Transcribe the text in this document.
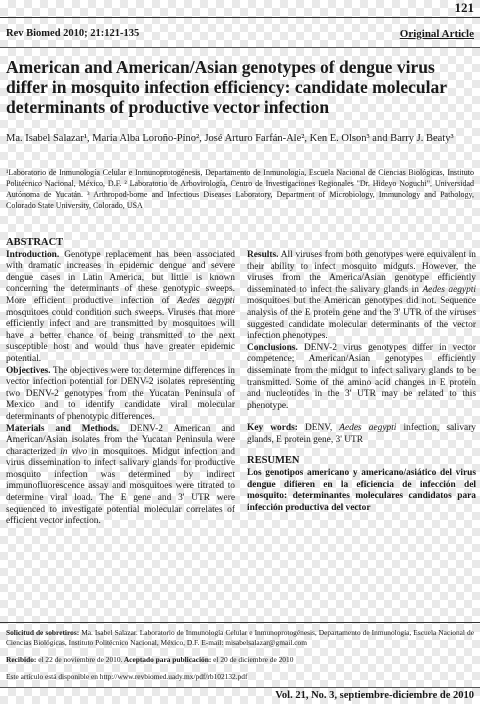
121
Rev Biomed 2010; 21:121-135	Original Article
American and American/Asian genotypes of dengue virus differ in mosquito infection efficiency: candidate molecular determinants of productive vector infection
Ma. Isabel Salazar¹, María Alba Loroño-Pino², José Arturo Farfán-Ale², Ken E. Olson³ and Barry J. Beaty³
¹Laboratorio de Inmunología Celular e Inmunoprotogénesis, Departamento de Inmunología, Escuela Nacional de Ciencias Biológicas, Instituto Politécnico Nacional, México, D.F. ² Laboratorio de Arbovirología, Centro de Investigaciones Regionales "Dr. Hideyo Noguchi", Universidad Autónoma de Yucatán. ³ Arthropod-borne and Infectious Diseases Laboratory, Department of Microbiology, Immunology and Pathology, Colorado State University, Colorado, USA
ABSTRACT

Introduction. Genotype replacement has been associated with dramatic increases in epidemic dengue and severe dengue cases in Latin America, but little is known concerning the determinants of these genotypic sweeps. More efficient productive infection of Aedes aegypti mosquitoes could condition such sweeps. Viruses that more efficiently infect and are transmitted by mosquitoes will have a better chance of being transmitted to the next susceptible host and would thus have greater epidemic potential.

Objectives. The objectives were to: determine differences in vector infection potential for DENV-2 isolates representing two DENV-2 genotypes from the Yucatan Peninsula of Mexico and to identify candidate viral molecular determinants of phenotypic differences.

Materials and Methods. DENV-2 American and American/Asian isolates from the Yucatan Peninsula were characterized in vivo in mosquitoes. Midgut infection and virus dissemination to infect salivary glands for productive mosquito infection was determined by indirect immunofluorescence assay and mosquitoes were titrated to determine viral load. The E gene and 3' UTR were sequenced to investigate potential molecular correlates of efficient vector infection.

Results. All viruses from both genotypes were equivalent in their ability to infect mosquito midguts. However, the viruses from the America/Asian genotype efficiently disseminated to infect the salivary glands in Aedes aegypti mosquitoes but the American genotypes did not. Sequence analysis of the E protein gene and the 3' UTR of the viruses suggested candidate molecular determinants of the vector infection phenotypes.

Conclusions. DENV-2 virus genotypes differ in vector competence; American/Asian genotypes efficiently disseminate from the midgut to infect salivary glands to be transmitted. Some of the amino acid changes in E protein and nucleotides in the 3' UTR may be related to this phenotype.

Key words: DENV, Aedes aegypti infection, salivary glands, E protein gene, 3' UTR

RESUMEN

Los genotipos americano y americano/asiático del virus dengue difieren en la eficiencia de infección del mosquito: determinantes moleculares candidatos para infección productiva del vector

Solicitud de sobretiros: Ma. Isabel Salazar. Laboratorio de Inmunología Celular e Inmunoprotogénesis, Departamento de Inmunología, Escuela Nacional de Ciencias Biológicas, Instituto Politécnico Nacional, México, D.F. E-mail: misabelsalazar@gmail.com
Recibido: el 22 de noviembre de 2010. Aceptado para publicación: el 20 de diciembre de 2010
Este artículo está disponible en http://www.revbiomed.uady.mx/pdf/rb102132.pdf
Vol. 21, No. 3, septiembre-diciembre de 2010
